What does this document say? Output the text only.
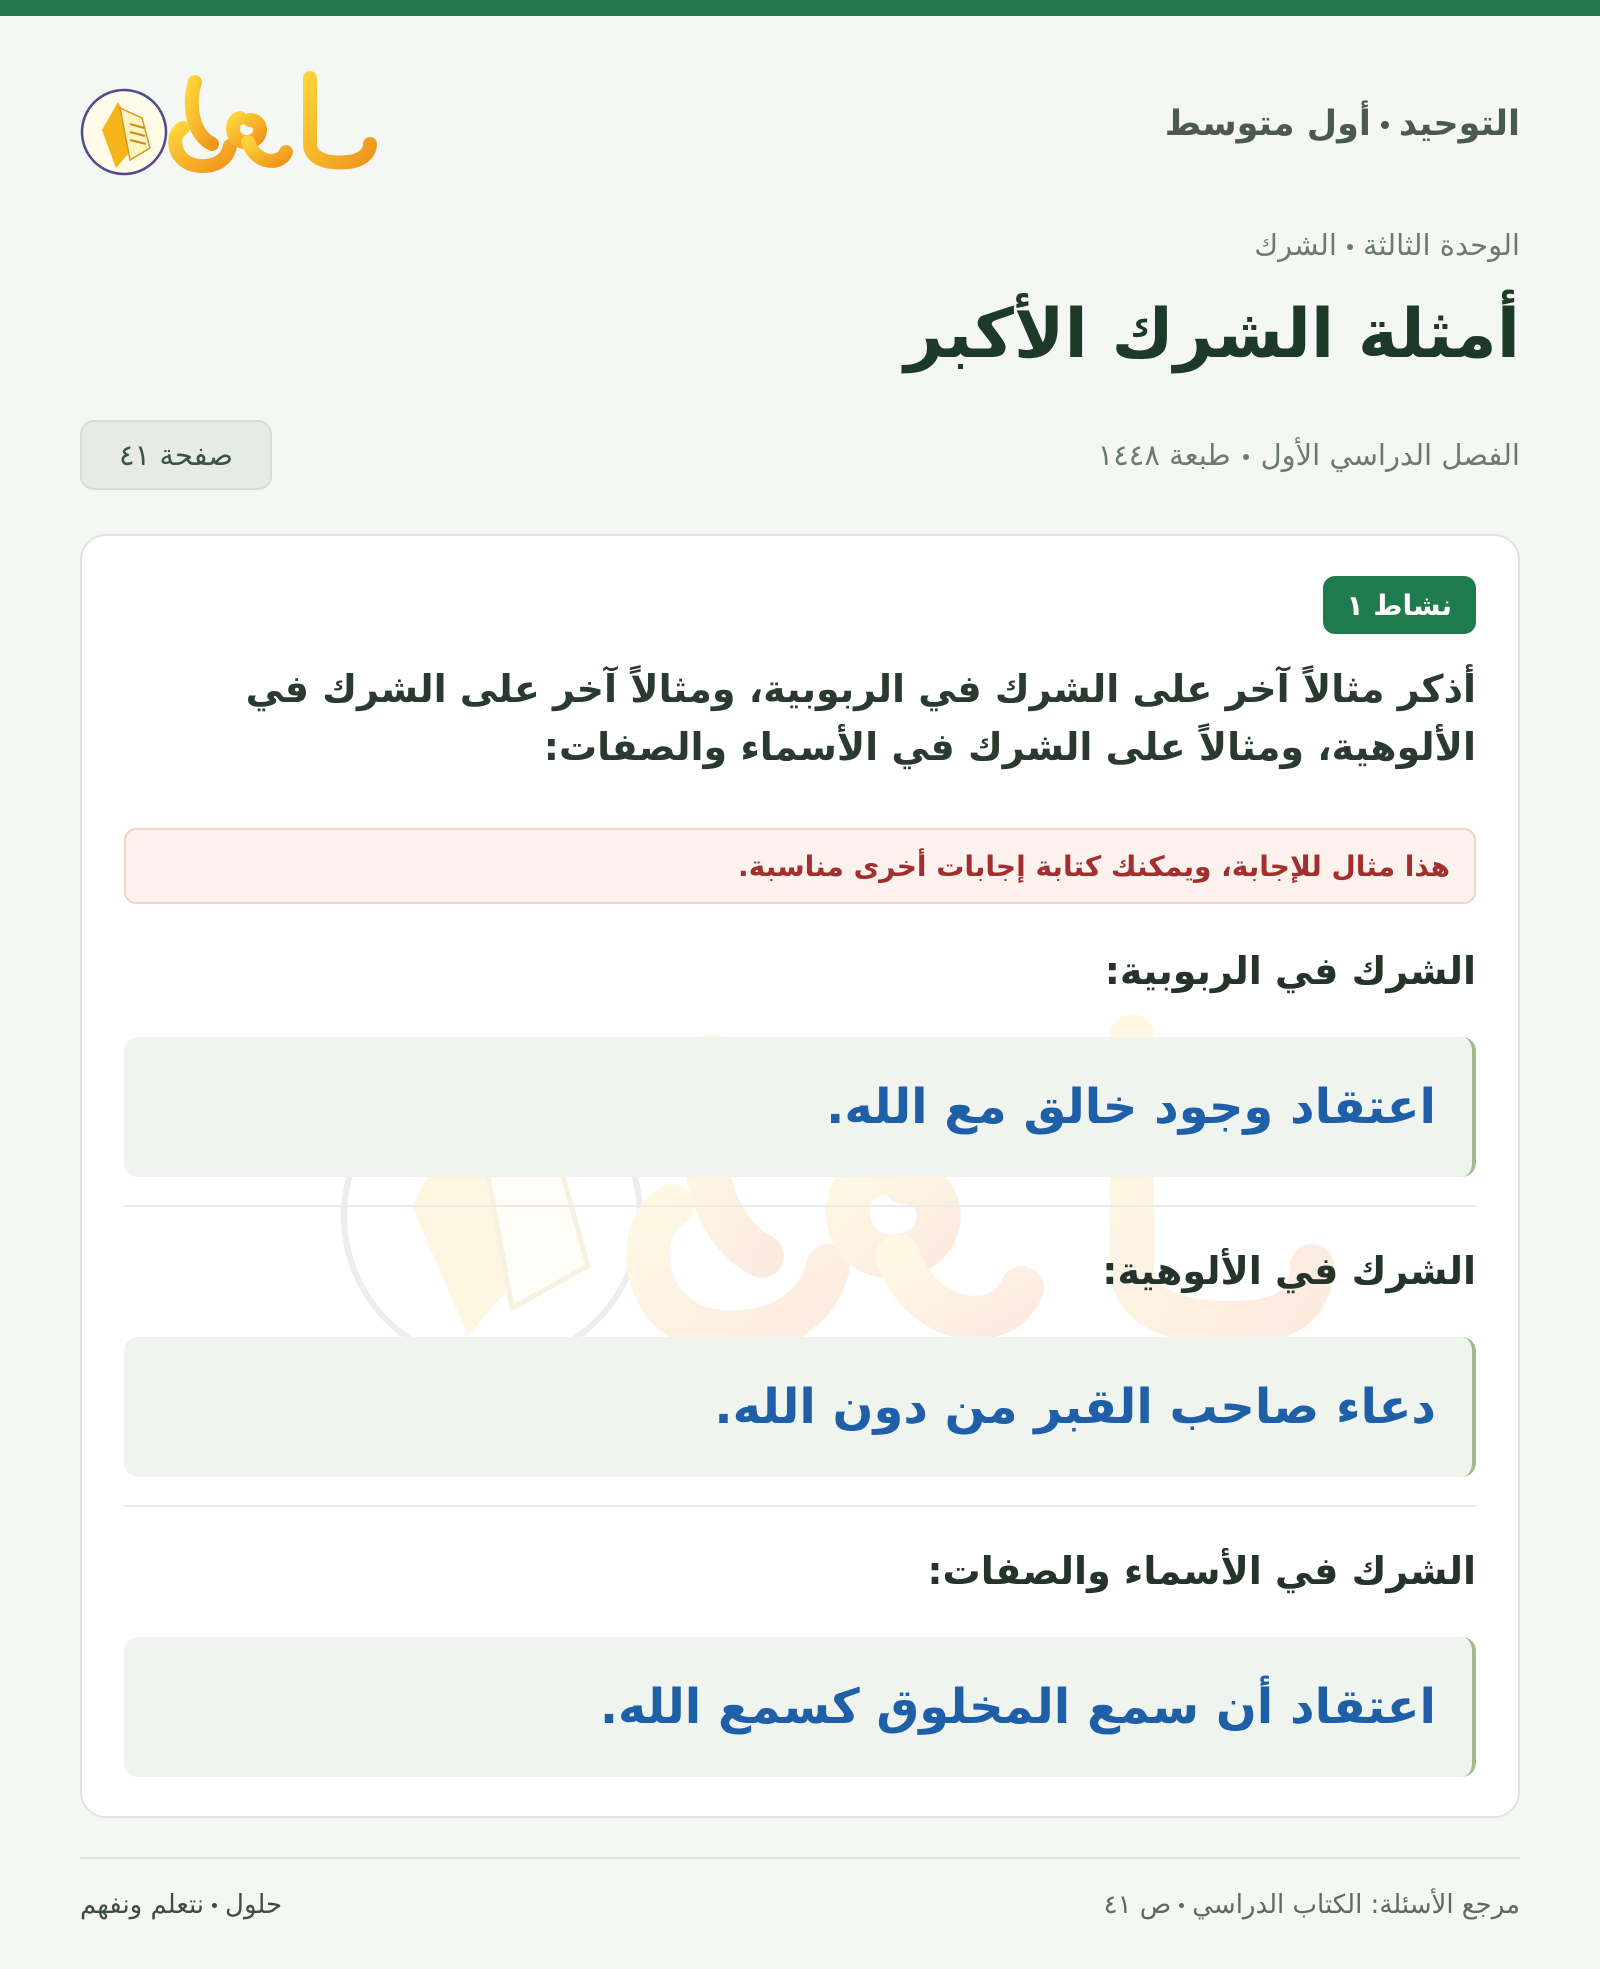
التوحيدأول متوسط
الوحدة الثالثةالشرك
أمثلة الشرك الأكبر
الفصل الدراسي الأولطبعة ١٤٤٨
صفحة ٤١
نشاط ١

أذكر مثالاً آخر على الشرك في الربوبية، ومثالاً آخر على الشرك في الألوهية، ومثالاً على الشرك في الأسماء والصفات:

هذا مثال للإجابة، ويمكنك كتابة إجابات أخرى مناسبة.
الشرك في الربوبية:
اعتقاد وجود خالق مع الله.
الشرك في الألوهية:
دعاء صاحب القبر من دون الله.
الشرك في الأسماء والصفات:
اعتقاد أن سمع المخلوق كسمع الله.
مرجع الأسئلة: الكتاب الدراسيص ٤١
حلولنتعلم ونفهم
